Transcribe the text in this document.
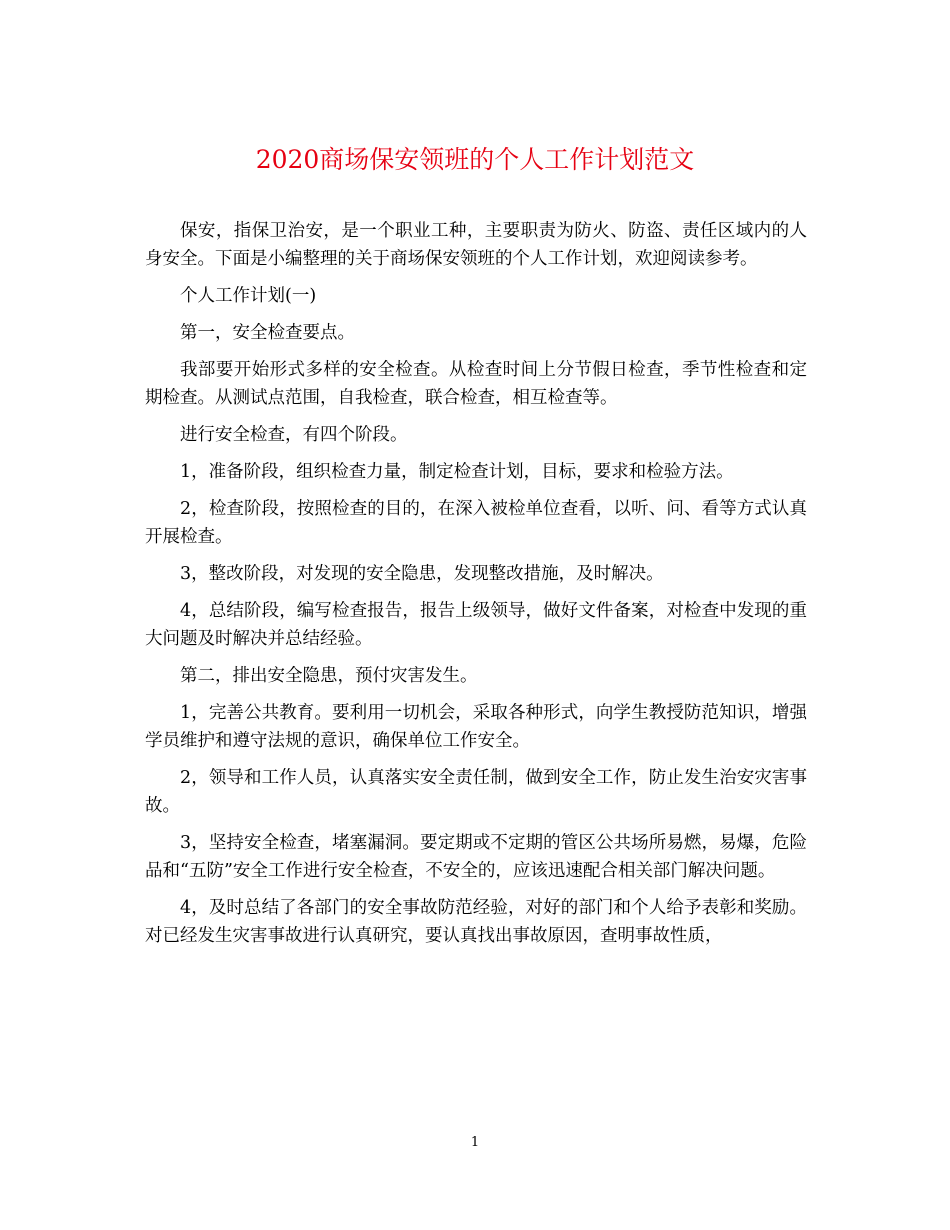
2020商场保安领班的个人工作计划范文

保安，指保卫治安，是一个职业工种，主要职责为防火、防盗、责任区域内的人身安全。下面是小编整理的关于商场保安领班的个人工作计划，欢迎阅读参考。

个人工作计划(一)

第一，安全检查要点。

我部要开始形式多样的安全检查。从检查时间上分节假日检查，季节性检查和定期检查。从测试点范围，自我检查，联合检查，相互检查等。

进行安全检查，有四个阶段。

1，准备阶段，组织检查力量，制定检查计划，目标，要求和检验方法。

2，检查阶段，按照检查的目的，在深入被检单位查看，以听、问、看等方式认真开展检查。

3，整改阶段，对发现的安全隐患，发现整改措施，及时解决。

4，总结阶段，编写检查报告，报告上级领导，做好文件备案，对检查中发现的重大问题及时解决并总结经验。

第二，排出安全隐患，预付灾害发生。

1，完善公共教育。要利用一切机会，采取各种形式，向学生教授防范知识，增强学员维护和遵守法规的意识，确保单位工作安全。

2，领导和工作人员，认真落实安全责任制，做到安全工作，防止发生治安灾害事故。

3，坚持安全检查，堵塞漏洞。要定期或不定期的管区公共场所易燃，易爆，危险品和“五防”安全工作进行安全检查，不安全的，应该迅速配合相关部门解决问题。

4，及时总结了各部门的安全事故防范经验，对好的部门和个人给予表彰和奖励。对已经发生灾害事故进行认真研究，要认真找出事故原因，查明事故性质，

1
